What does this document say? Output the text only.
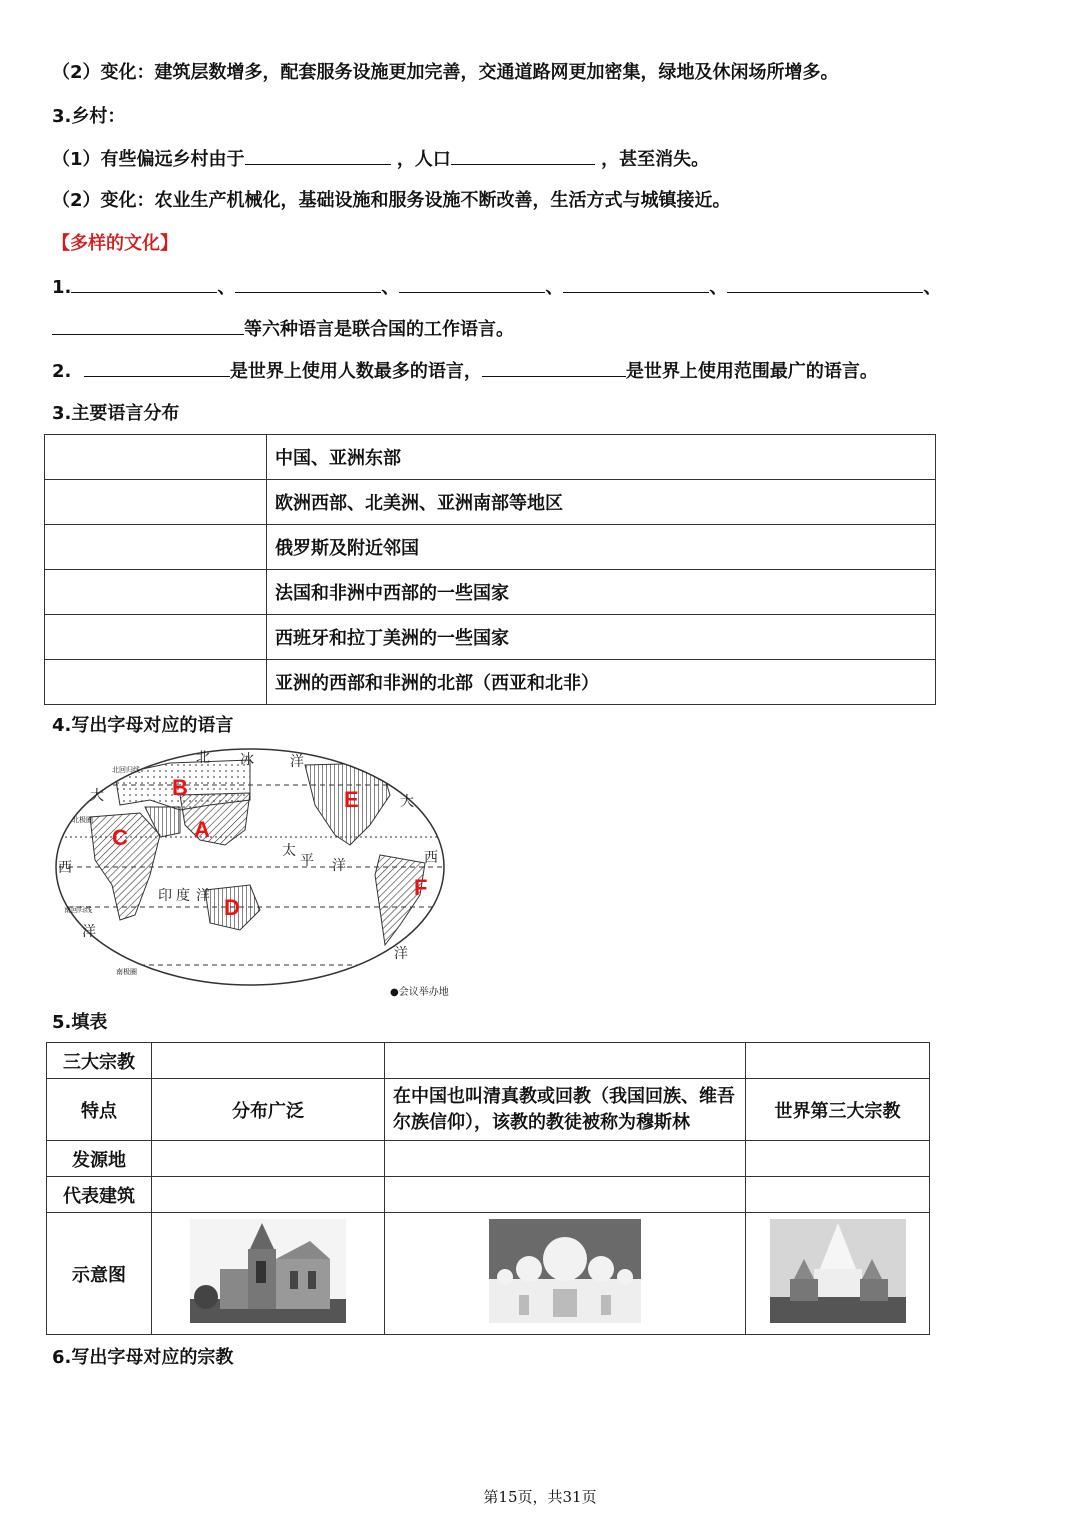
（2）变化：建筑层数增多，配套服务设施更加完善，交通道路网更加密集，绿地及休闲场所增多。
3.乡村：
（1）有些偏远乡村由于	，人口	，甚至消失。
（2）变化：农业生产机械化，基础设施和服务设施不断改善，生活方式与城镇接近。
【多样的文化】
1.	、	、	、	、	、
等六种语言是联合国的工作语言。
2.	是世界上使用人数最多的语言，	是世界上使用范围最广的语言。
3.主要语言分布
	中国、亚洲东部
	欧洲西部、北美洲、亚洲南部等地区
	俄罗斯及附近邻国
	法国和非洲中西部的一些国家
	西班牙和拉丁美洲的一些国家
	亚洲的西部和非洲的北部（西亚和北非）
4.写出字母对应的语言
北 冰	洋
大	大
太
平 洋
印 度 洋
西
西
洋
洋
北极圈
南回归线
南极圈
北回归线
B	E
A
C
F
D
●会议举办地
5.填表
三大宗教			
特点	分布广泛	在中国也叫清真教或回教（我国回族、维吾尔族信仰），该教的教徒被称为穆斯林	世界第三大宗教
发源地			
代表建筑			
示意图			
6.写出字母对应的宗教
第15页，共31页
